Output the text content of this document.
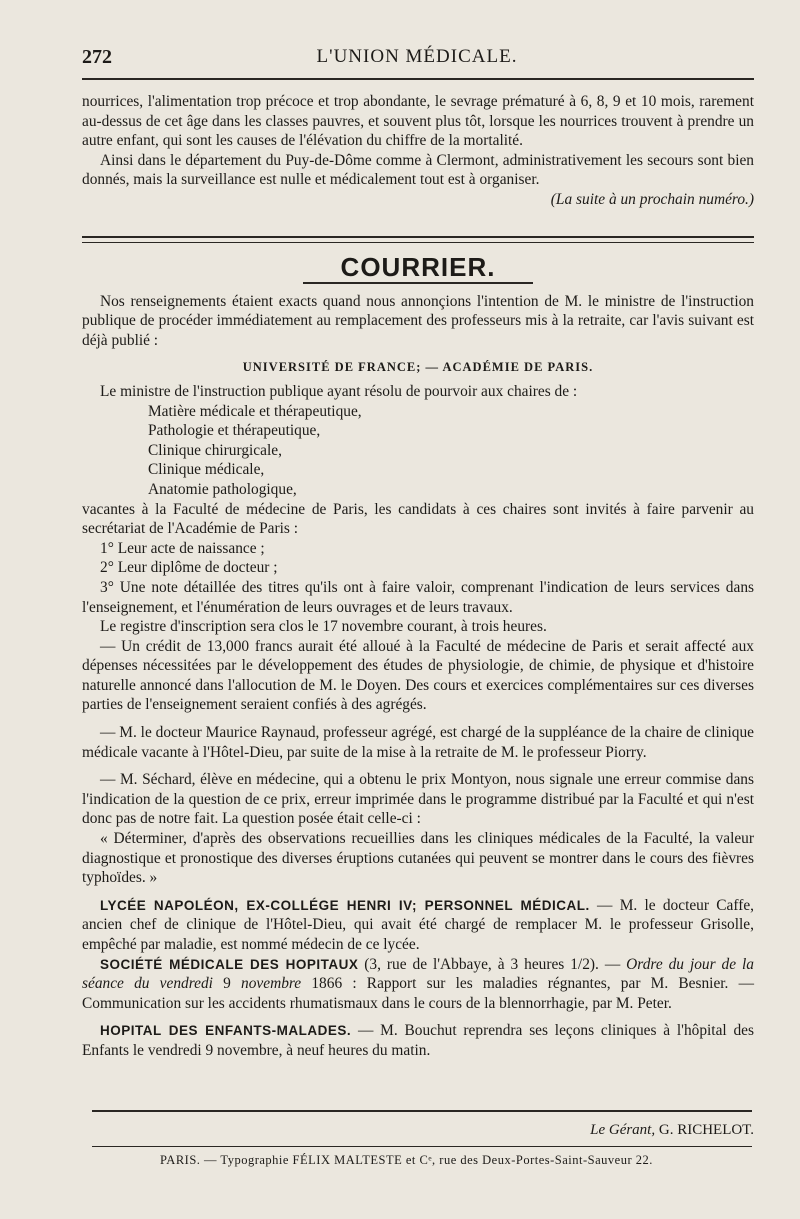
272	L'UNION MÉDICALE.

nourrices, l'alimentation trop précoce et trop abondante, le sevrage prématuré à 6, 8, 9 et 10 mois, rarement au-dessus de cet âge dans les classes pauvres, et souvent plus tôt, lorsque les nourrices trouvent à prendre un autre enfant, qui sont les causes de l'élévation du chiffre de la mortalité.

Ainsi dans le département du Puy-de-Dôme comme à Clermont, administrativement les secours sont bien donnés, mais la surveillance est nulle et médicalement tout est à organiser.

(La suite à un prochain numéro.)

COURRIER.

Nos renseignements étaient exacts quand nous annonçions l'intention de M. le ministre de l'instruction publique de procéder immédiatement au remplacement des professeurs mis à la retraite, car l'avis suivant est déjà publié :

UNIVERSITÉ DE FRANCE; — ACADÉMIE DE PARIS.

Le ministre de l'instruction publique ayant résolu de pourvoir aux chaires de :

Matière médicale et thérapeutique,
Pathologie et thérapeutique,
Clinique chirurgicale,
Clinique médicale,
Anatomie pathologique,

vacantes à la Faculté de médecine de Paris, les candidats à ces chaires sont invités à faire parvenir au secrétariat de l'Académie de Paris :

1° Leur acte de naissance ;

2° Leur diplôme de docteur ;

3° Une note détaillée des titres qu'ils ont à faire valoir, comprenant l'indication de leurs services dans l'enseignement, et l'énumération de leurs ouvrages et de leurs travaux.

Le registre d'inscription sera clos le 17 novembre courant, à trois heures.

— Un crédit de 13,000 francs aurait été alloué à la Faculté de médecine de Paris et serait affecté aux dépenses nécessitées par le développement des études de physiologie, de chimie, de physique et d'histoire naturelle annoncé dans l'allocution de M. le Doyen. Des cours et exercices complémentaires sur ces diverses parties de l'enseignement seraient confiés à des agrégés.

— M. le docteur Maurice Raynaud, professeur agrégé, est chargé de la suppléance de la chaire de clinique médicale vacante à l'Hôtel-Dieu, par suite de la mise à la retraite de M. le professeur Piorry.

— M. Séchard, élève en médecine, qui a obtenu le prix Montyon, nous signale une erreur commise dans l'indication de la question de ce prix, erreur imprimée dans le programme distribué par la Faculté et qui n'est donc pas de notre fait. La question posée était celle-ci :

« Déterminer, d'après des observations recueillies dans les cliniques médicales de la Faculté, la valeur diagnostique et pronostique des diverses éruptions cutanées qui peuvent se montrer dans le cours des fièvres typhoïdes. »

LYCÉE NAPOLÉON, EX-COLLÉGE HENRI IV; PERSONNEL MÉDICAL. — M. le docteur Caffe, ancien chef de clinique de l'Hôtel-Dieu, qui avait été chargé de remplacer M. le professeur Grisolle, empêché par maladie, est nommé médecin de ce lycée.

SOCIÉTÉ MÉDICALE DES HOPITAUX (3, rue de l'Abbaye, à 3 heures 1/2). — Ordre du jour de la séance du vendredi 9 novembre 1866 : Rapport sur les maladies régnantes, par M. Besnier. — Communication sur les accidents rhumatismaux dans le cours de la blennorrhagie, par M. Peter.

HOPITAL DES ENFANTS-MALADES. — M. Bouchut reprendra ses leçons cliniques à l'hôpital des Enfants le vendredi 9 novembre, à neuf heures du matin.

Le Gérant, G. RICHELOT.
PARIS. — Typographie FÉLIX MALTESTE et Cᵉ, rue des Deux-Portes-Saint-Sauveur 22.
